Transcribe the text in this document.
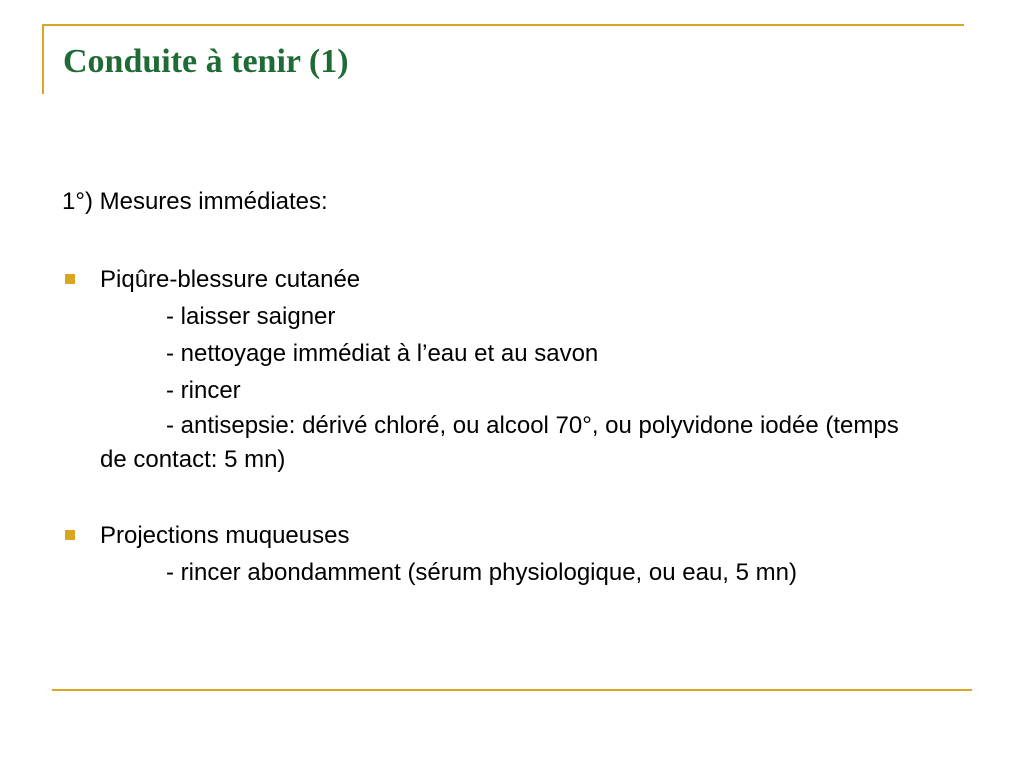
Conduite à tenir (1)

1°) Mesures immédiates:

Piqûre-blessure cutanée

- laisser saigner

- nettoyage immédiat à l’eau et au savon

- rincer

- antisepsie: dérivé chloré, ou alcool 70°, ou polyvidone iodée (temps de contact: 5 mn)

Projections muqueuses

- rincer abondamment (sérum physiologique, ou eau, 5 mn)
